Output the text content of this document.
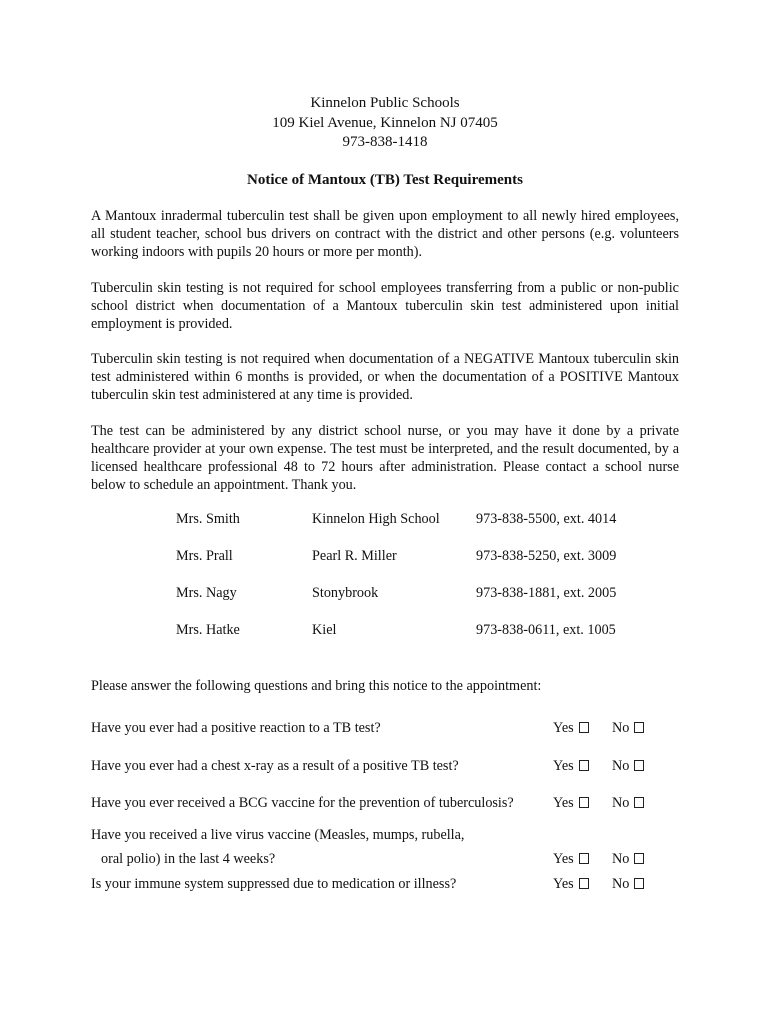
Kinnelon Public Schools
109 Kiel Avenue, Kinnelon NJ 07405
973-838-1418
Notice of Mantoux (TB) Test Requirements
A Mantoux inradermal tuberculin test shall be given upon employment to all newly hired employees, all student teacher, school bus drivers on contract with the district and other persons (e.g. volunteers working indoors with pupils 20 hours or more per month).
Tuberculin skin testing is not required for school employees transferring from a public or non-public school district when documentation of a Mantoux tuberculin skin test administered upon initial employment is provided.
Tuberculin skin testing is not required when documentation of a NEGATIVE Mantoux tuberculin skin test administered within 6 months is provided, or when the documentation of a POSITIVE Mantoux tuberculin skin test administered at any time is provided.
The test can be administered by any district school nurse, or you may have it done by a private healthcare provider at your own expense. The test must be interpreted, and the result documented, by a licensed healthcare professional 48 to 72 hours after administration. Please contact a school nurse below to schedule an appointment. Thank you.
Mrs. Smith	Kinnelon High School	973-838-5500, ext. 4014
Mrs. Prall	Pearl R. Miller	973-838-5250, ext. 3009
Mrs. Nagy	Stonybrook	973-838-1881, ext. 2005
Mrs. Hatke	Kiel	973-838-0611, ext. 1005
Please answer the following questions and bring this notice to the appointment:
Have you ever had a positive reaction to a TB test?	Yes	No
Have you ever had a chest x-ray as a result of a positive TB test?	Yes	No
Have you ever received a BCG vaccine for the prevention of tuberculosis?	Yes	No
Have you received a live virus vaccine (Measles, mumps, rubella,
oral polio) in the last 4 weeks?	Yes	No
Is your immune system suppressed due to medication or illness?	Yes	No
